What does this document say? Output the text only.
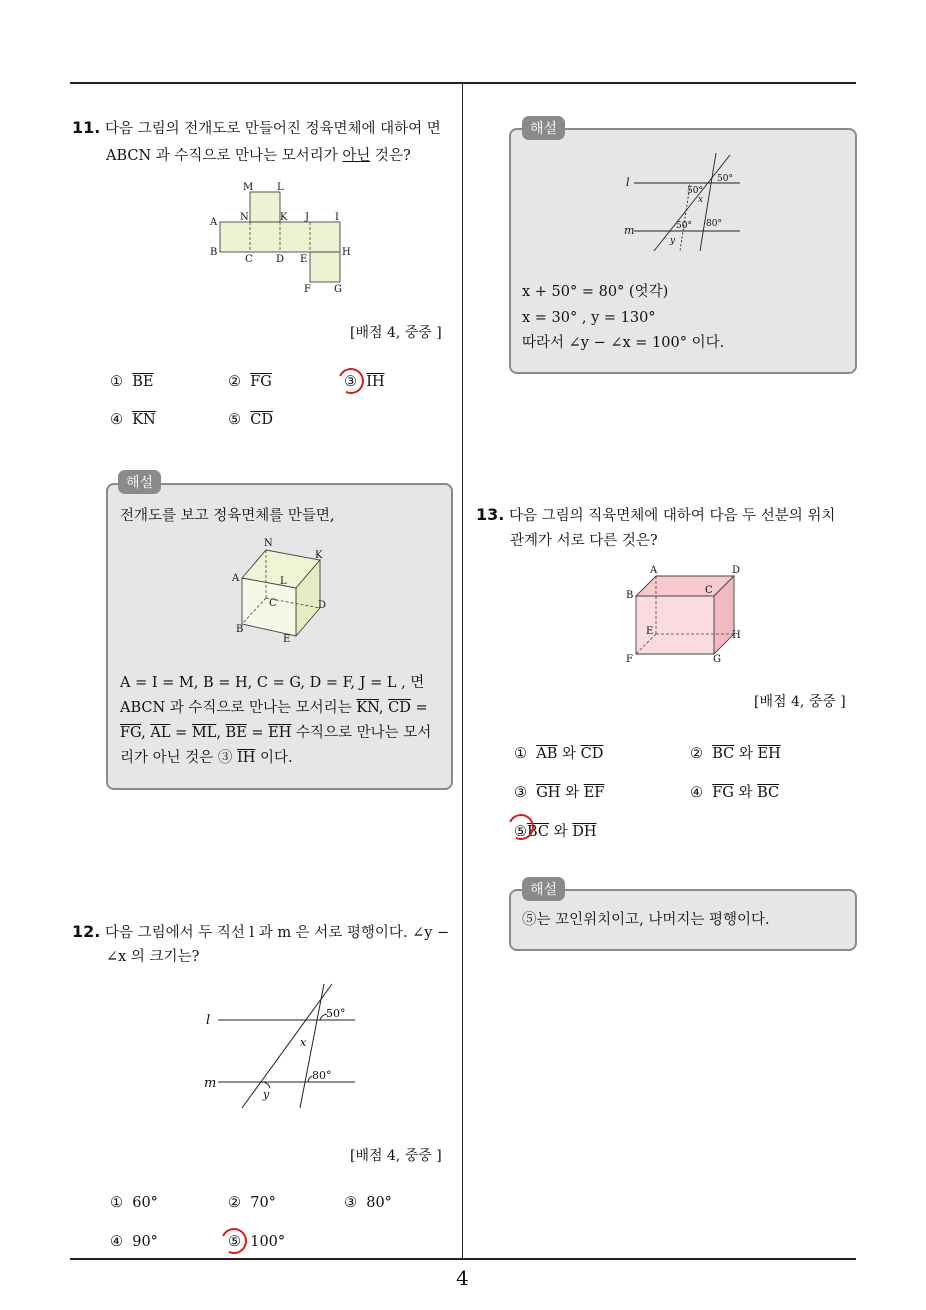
4
11. 다음 그림의 전개도로 만들어진 정육면체에 대하여 면
ABCN 과 수직으로 만나는 모서리가 아닌 것은?
M L
A N	K J	I
B
C D E
H
F G
[배점 4, 중중 ]
① $\overline{BE}$	② $\overline{FG}$	③ $\overline{IH}$
④ $\overline{KN}$	⑤ $\overline{CD}$
해설
전개도를 보고 정육면체를 만들면,
N
K
A	L
C	D
B
E
A = I = M, B = H, C = G, D = F, J = L , 면
ABCN 과 수직으로 만나는 모서리는 $\overline{KN}$, $\overline{CD}$ =
$\overline{FG}$, $\overline{AL} = \overline{ML}$, $\overline{BE} = \overline{EH}$ 수직으로 만나는 모서
리가 아닌 것은 ③ $\overline{IH}$ 이다.
12. 다음 그림에서 두 직선 l 과 m 은 서로 평행이다. ∠y −
∠x 의 크기는?
l
m
50°
x
80°
y
[배점 4, 중중 ]
① 60°	② 70°	③ 80°
④ 90°	⑤ 100°
해설
l
m
50°
50°
x
50° 80°
y
x + 50° = 80° (엇각)
x = 30° , y = 130°
따라서 ∠y − ∠x = 100° 이다.
13. 다음 그림의 직육면체에 대하여 다음 두 선분의 위치
관계가 서로 다른 것은?
A	D
B	C
E	H
F	G
[배점 4, 중중 ]
① $\overline{AB}$ 와 $\overline{CD}$	② $\overline{BC}$ 와 $\overline{EH}$
③ $\overline{GH}$ 와 $\overline{EF}$	④ $\overline{FG}$ 와 $\overline{BC}$
$⑤\overline{BC}$ 와 $\overline{DH}$
해설
⑤는 꼬인위치이고, 나머지는 평행이다.
